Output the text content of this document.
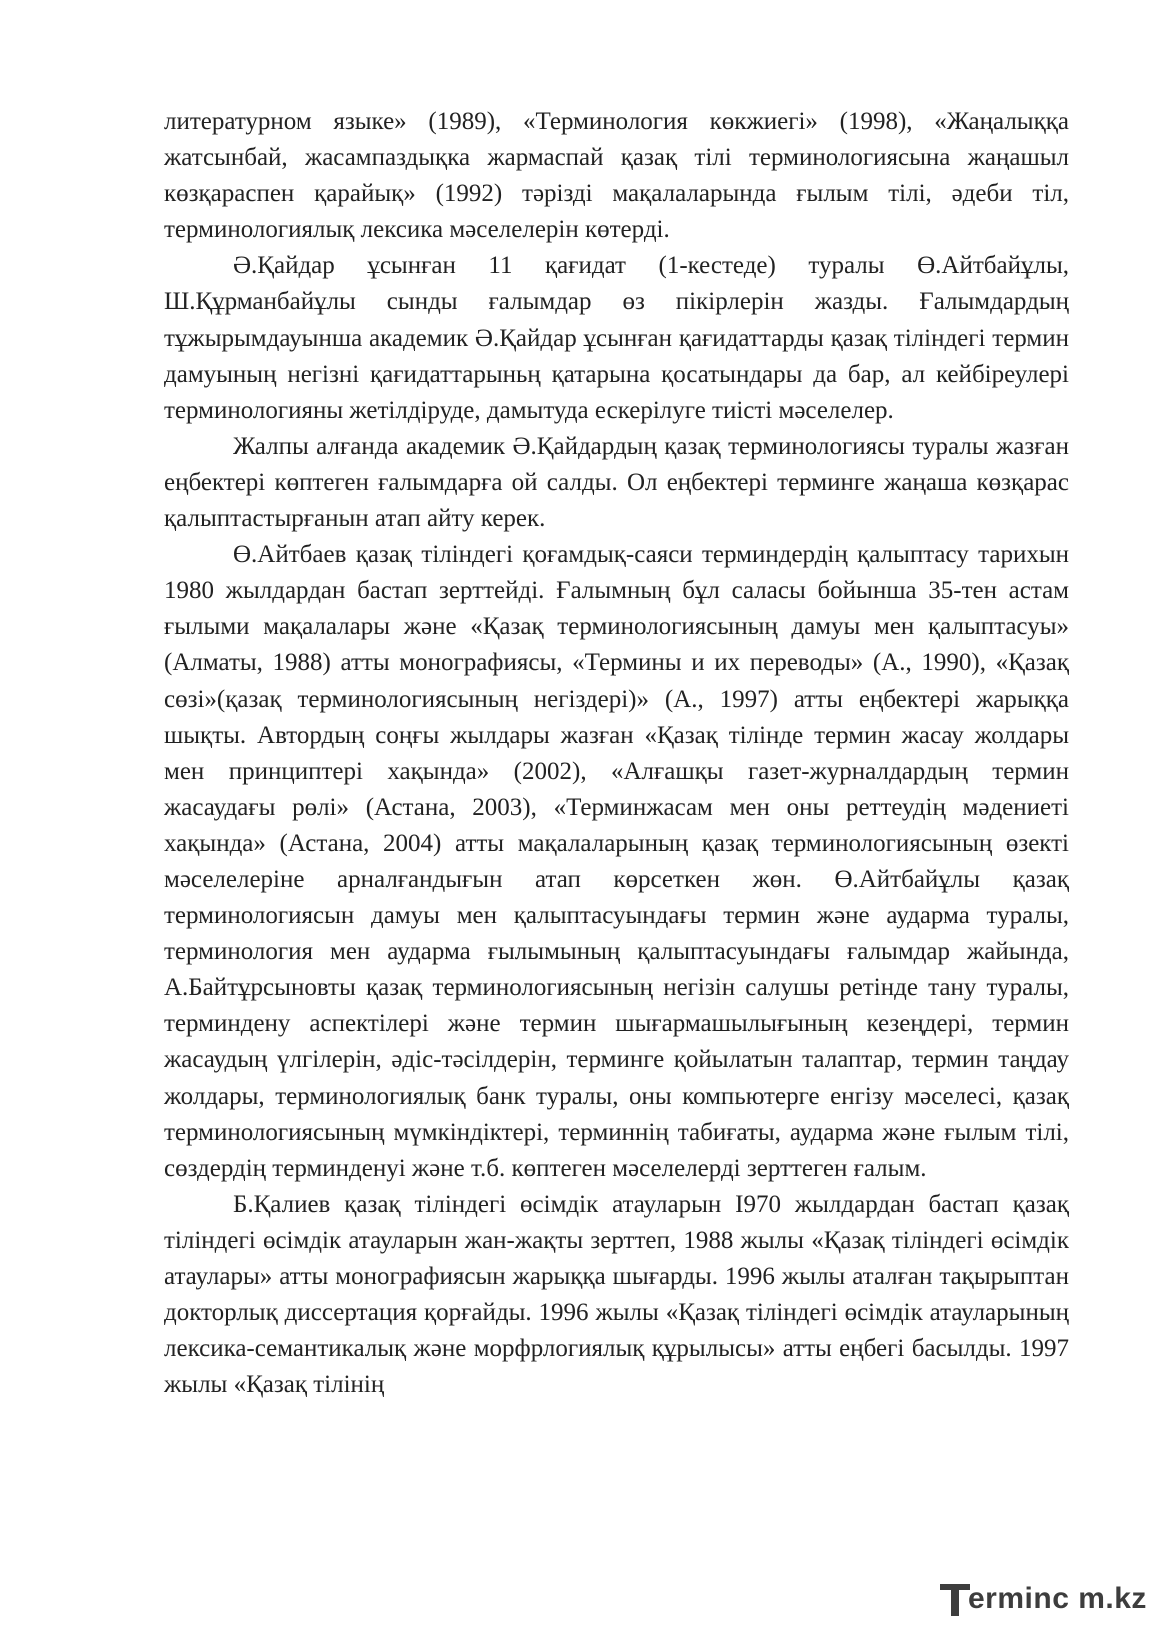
литературном языке» (1989), «Терминология көкжиегі» (1998), «Жаңалыққа жатсынбай, жасампаздықка жармаспай қазақ тілі терминологиясына жаңашыл көзқараспен қарайық» (1992) тәрізді мақалаларында ғылым тілі, әдеби тіл, терминологиялық лексика мәселелерін көтерді.

Ә.Қайдар ұсынған 11 қағидат (1-кестеде) туралы Ө.Айтбайұлы, Ш.Құрманбайұлы сынды ғалымдар өз пікірлерін жазды. Ғалымдардың тұжырымдауынша академик Ә.Қайдар ұсынған қағидаттарды қазақ тіліндегі термин дамуының негізні қағидаттарыньң қатарына қосатындары да бар, ал кейбіреулері терминологияны жетілдіруде, дамытуда ескерілуге тиісті мәселелер.

Жалпы алғанда академик Ә.Қайдардың қазақ терминологиясы туралы жазған еңбектері көптеген ғалымдарға ой салды. Ол еңбектері терминге жаңаша көзқарас қалыптастырғанын атап айту керек.

Ө.Айтбаев қазақ тіліндегі қоғамдық-саяси терминдердің қалыптасу тарихын 1980 жылдардан бастап зерттейді. Ғалымның бұл саласы бойынша 35-тен астам ғылыми мақалалары және «Қазақ терминологиясының дамуы мен қалыптасуы» (Алматы, 1988) атты монографиясы, «Термины и их переводы» (А., 1990), «Қазақ сөзі»(қазақ терминологиясының негіздері)» (А., 1997) атты еңбектері жарыққа шықты. Автордың соңғы жылдары жазған «Қазақ тілінде термин жасау жолдары мен принциптері хақында» (2002), «Алғашқы газет-журналдардың термин жасаудағы рөлі» (Астана, 2003), «Терминжасам мен оны реттеудің мәдениеті хақында» (Астана, 2004) атты мақалаларының қазақ терминологиясының өзекті мәселелеріне арналғандығын атап көрсеткен жөн. Ө.Айтбайұлы қазақ терминологиясын дамуы мен қалыптасуындағы термин және аударма туралы, терминология мен аударма ғылымының қалыптасуындағы ғалымдар жайында, А.Байтұрсыновты қазақ терминологиясының негізін салушы ретінде тану туралы, терминдену аспектілері және термин шығармашылығының кезеңдері, термин жасаудың үлгілерін, әдіс-тәсілдерін, терминге қойылатын талаптар, термин таңдау жолдары, терминологиялық банк туралы, оны компьютерге енгізу мәселесі, қазақ терминологиясының мүмкіндіктері, терминнің табиғаты, аударма және ғылым тілі, сөздердің терминденуі және т.б. көптеген мәселелерді зерттеген ғалым.

Б.Қалиев қазақ тіліндегі өсімдік атауларын І970 жылдардан бастап қазақ тіліндегі өсімдік атауларын жан-жақты зерттеп, 1988 жылы «Қазақ тіліндегі өсімдік атаулары» атты монографиясын жарыққа шығарды. 1996 жылы аталған тақырыптан докторлық диссертация қорғайды. 1996 жылы «Қазақ тіліндегі өсімдік атауларының лексика-семантикалық және морфрлогиялық құрылысы» атты еңбегі басылды. 1997 жылы «Қазақ тілінің

erminc m.kz
